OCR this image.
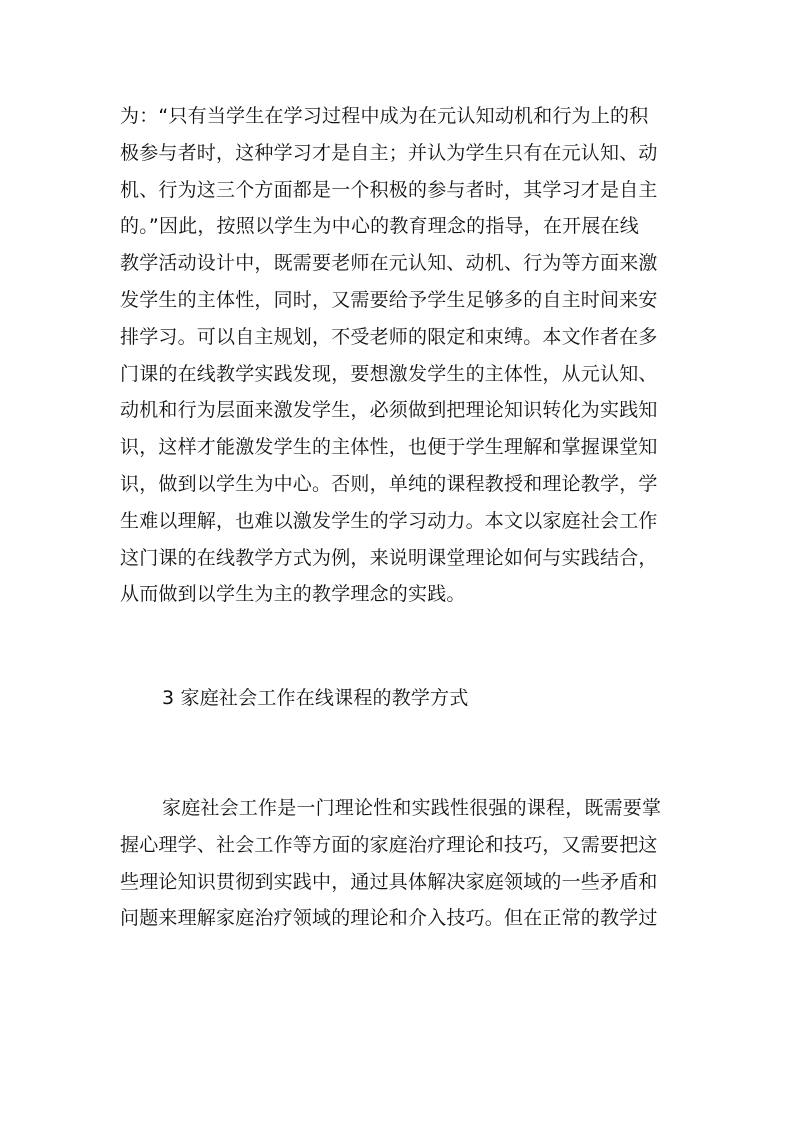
为：“只有当学生在学习过程中成为在元认知动机和行为上的积
极参与者时，这种学习才是自主；并认为学生只有在元认知、动
机、行为这三个方面都是一个积极的参与者时，其学习才是自主
的。”因此，按照以学生为中心的教育理念的指导，在开展在线
教学活动设计中，既需要老师在元认知、动机、行为等方面来激
发学生的主体性，同时，又需要给予学生足够多的自主时间来安
排学习。可以自主规划，不受老师的限定和束缚。本文作者在多
门课的在线教学实践发现，要想激发学生的主体性，从元认知、
动机和行为层面来激发学生，必须做到把理论知识转化为实践知
识，这样才能激发学生的主体性，也便于学生理解和掌握课堂知
识，做到以学生为中心。否则，单纯的课程教授和理论教学，学
生难以理解，也难以激发学生的学习动力。本文以家庭社会工作
这门课的在线教学方式为例，来说明课堂理论如何与实践结合，
从而做到以学生为主的教学理念的实践。
3 家庭社会工作在线课程的教学方式
家庭社会工作是一门理论性和实践性很强的课程，既需要掌
握心理学、社会工作等方面的家庭治疗理论和技巧，又需要把这
些理论知识贯彻到实践中，通过具体解决家庭领域的一些矛盾和
问题来理解家庭治疗领域的理论和介入技巧。但在正常的教学过
